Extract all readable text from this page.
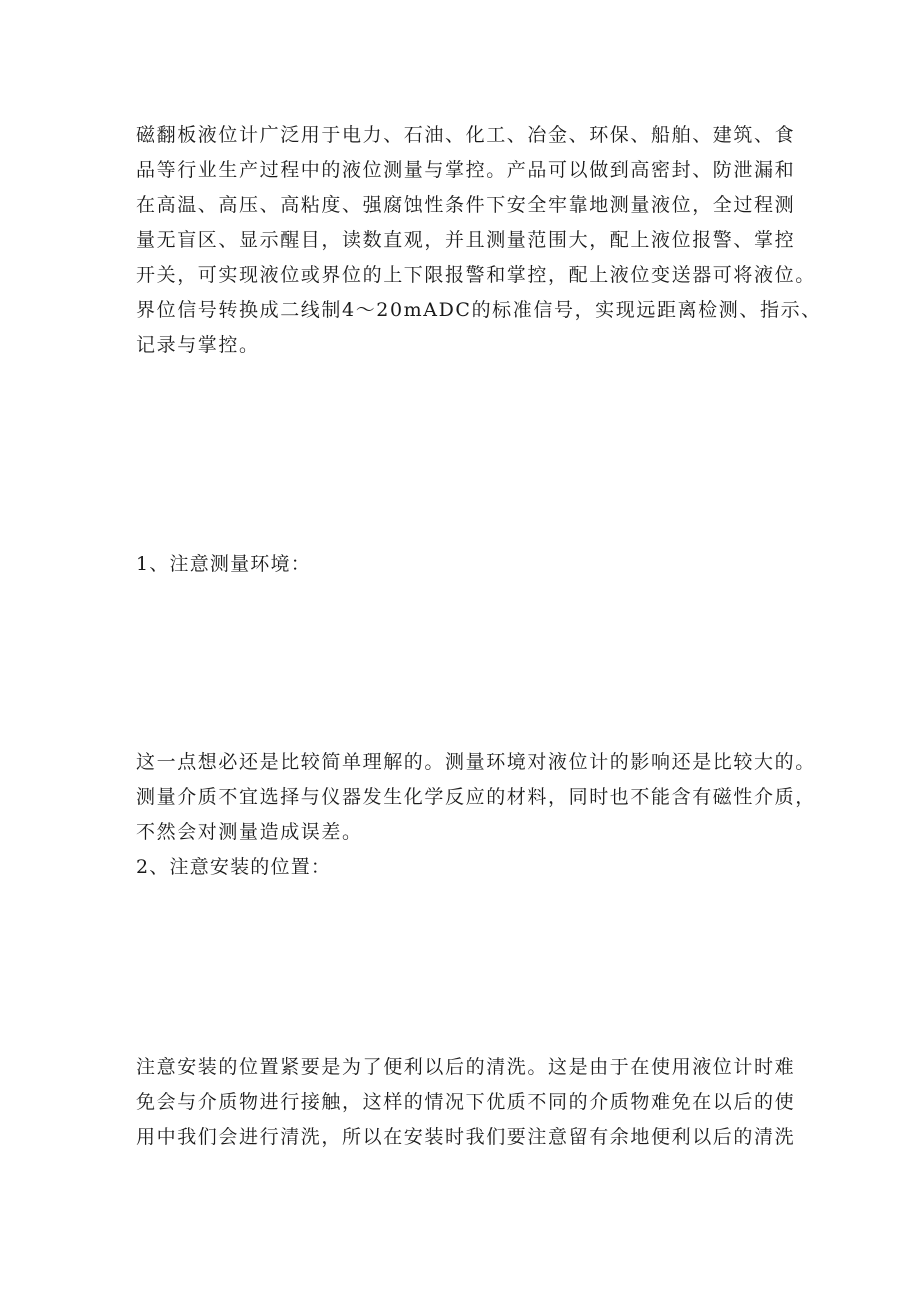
磁翻板液位计广泛用于电力、石油、化工、冶金、环保、船舶、建筑、食
品等行业生产过程中的液位测量与掌控。产品可以做到高密封、防泄漏和
在高温、高压、高粘度、强腐蚀性条件下安全牢靠地测量液位，全过程测
量无盲区、显示醒目，读数直观，并且测量范围大，配上液位报警、掌控
开关，可实现液位或界位的上下限报警和掌控，配上液位变送器可将液位。
界位信号转换成二线制4～20mADC的标准信号，实现远距离检测、指示、
记录与掌控。
1、注意测量环境：
这一点想必还是比较简单理解的。测量环境对液位计的影响还是比较大的。
测量介质不宜选择与仪器发生化学反应的材料，同时也不能含有磁性介质，
不然会对测量造成误差。
2、注意安装的位置：
注意安装的位置紧要是为了便利以后的清洗。这是由于在使用液位计时难
免会与介质物进行接触，这样的情况下优质不同的介质物难免在以后的使
用中我们会进行清洗，所以在安装时我们要注意留有余地便利以后的清洗
